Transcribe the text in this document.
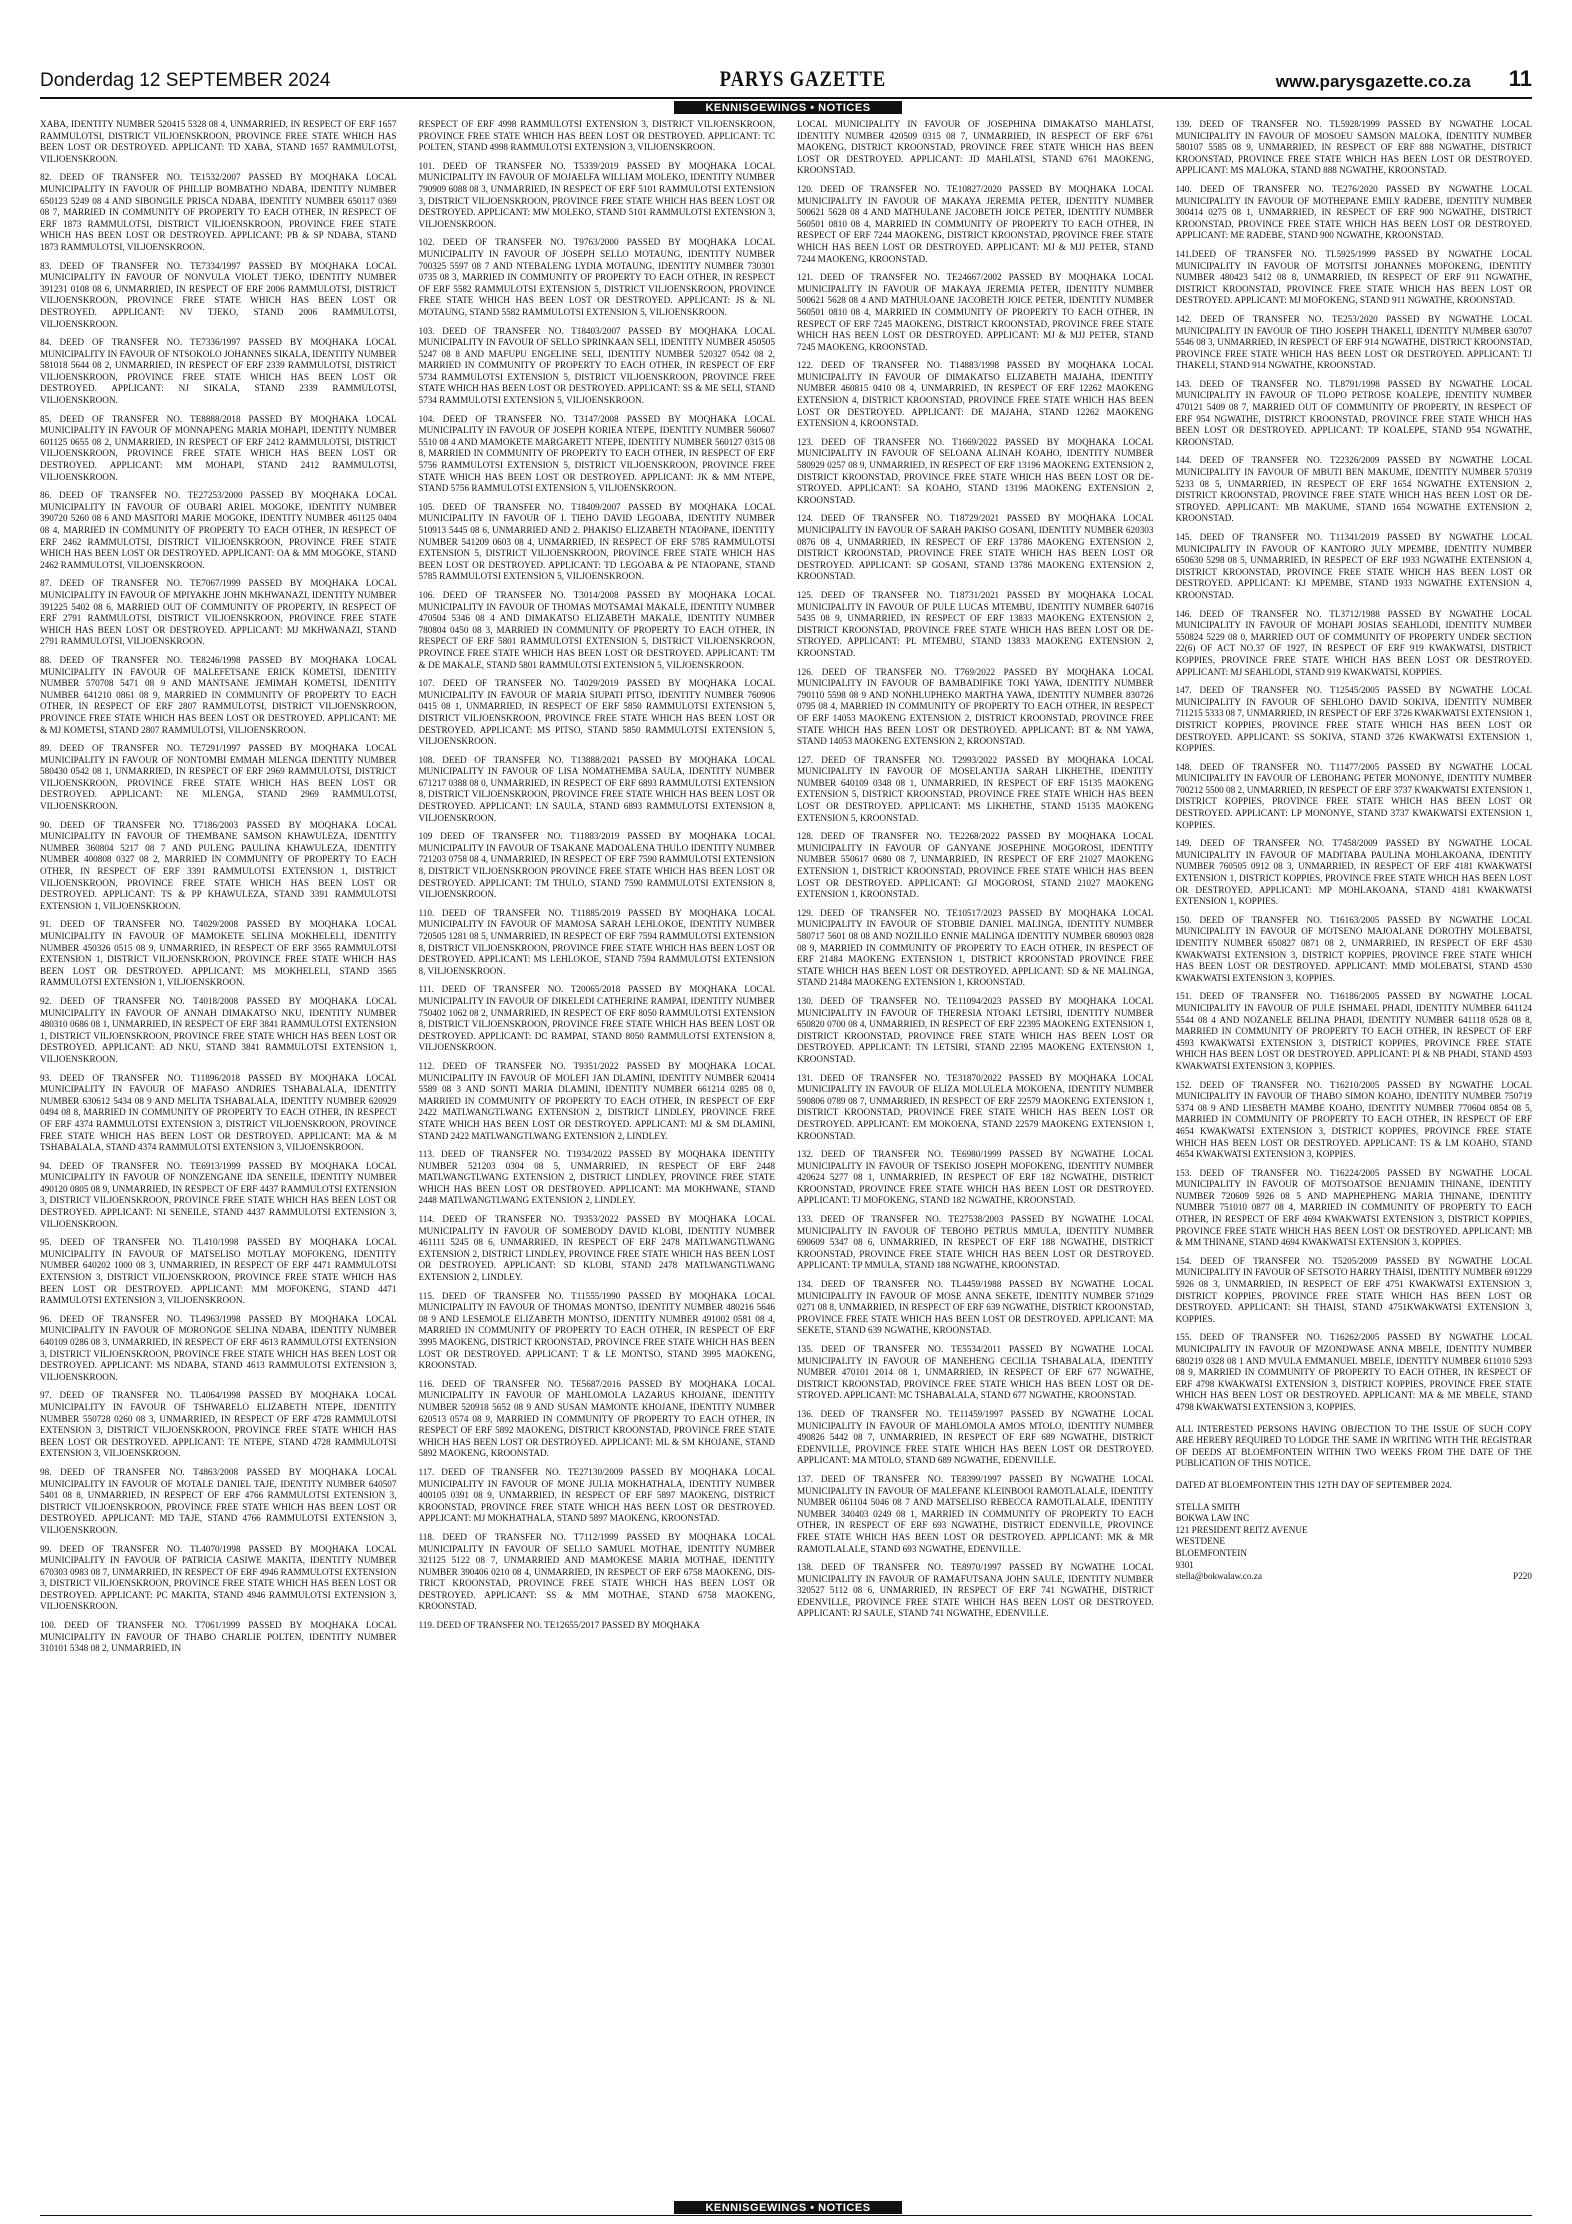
Donderdag 12 SEPTEMBER 2024	PARYS GAZETTE	www.parysgazette.co.za 11
KENNISGEWINGS • NOTICES

XABA, IDENTITY NUMBER 520415 5328 08 4, UNMARRIED, IN RESPECT OF ERF 1657 RAMMULOTSI, DISTRICT VILJOENSKROON, PROVINCE FREE STATE WHICH HAS BEEN LOST OR DESTROYED. APPLICANT: TD XABA, STAND 1657 RAMMULOTSI, VILJOENSKROON.

82. DEED OF TRANSFER NO. TE1532/2007 PASSED BY MOQHAKA LOCAL MUNICIPALITY IN FAVOUR OF PHILLIP BOMBATHO NDABA, IDENTITY NUMBER 650123 5249 08 4 AND SIBONGILE PRISCA NDABA, IDENTITY NUMBER 650117 0369 08 7, MARRIED IN COMMUNITY OF PROPERTY TO EACH OTHER, IN RESPECT OF ERF 1873 RAMMULOTSI, DISTRICT VILJOENSKROON, PROVINCE FREE STATE WHICH HAS BEEN LOST OR DESTROYED. APPLICANT: PB & SP NDABA, STAND 1873 RAMMULOTSI, VILJOENSKROON.

83. DEED OF TRANSFER NO. TE7334/1997 PASSED BY MOQHAKA LOCAL MUNICIPALITY IN FAVOUR OF NONVULA VIOLET TJEKO, IDENTITY NUMBER 391231 0108 08 6, UNMARRIED, IN RESPECT OF ERF 2006 RAMMULOTSI, DISTRICT VILJOENSKROON, PROVINCE FREE STATE WHICH HAS BEEN LOST OR DESTROYED. APPLICANT: NV TJEKO, STAND 2006 RAMMULOTSI, VILJOENSKROON.

84. DEED OF TRANSFER NO. TE7336/1997 PASSED BY MOQHAKA LOCAL MUNICIPALITY IN FAVOUR OF NTSOKOLO JOHANNES SIKALA, IDENTITY NUMBER 581018 5644 08 2, UNMARRIED, IN RESPECT OF ERF 2339 RAMMULOTSI, DISTRICT VILJOENSKROON, PROVINCE FREE STATE WHICH HAS BEEN LOST OR DESTROYED. APPLICANT: NJ SIKALA, STAND 2339 RAMMULOTSI, VILJOENSKROON.

85. DEED OF TRANSFER NO. TE8888/2018 PASSED BY MOQHAKA LOCAL MUNICIPALITY IN FAVOUR OF MONNAPENG MARIA MOHAPI, IDENTITY NUMBER 601125 0655 08 2, UNMARRIED, IN RESPECT OF ERF 2412 RAMMULOTSI, DISTRICT VILJOENSKROON, PROVINCE FREE STATE WHICH HAS BEEN LOST OR DESTROYED. APPLICANT: MM MOHAPI, STAND 2412 RAMMULOTSI, VILJOENSKROON.

86. DEED OF TRANSFER NO. TE27253/2000 PASSED BY MOQHAKA LOCAL MUNICIPALITY IN FAVOUR OF OUBARI ARIEL MOGOKE, IDENTITY NUMBER 390720 5260 08 6 AND MASITORI MARIE MOGOKE, IDENTITY NUMBER 461125 0404 08 4, MARRIED IN COMMUNITY OF PROPERTY TO EACH OTHER, IN RESPECT OF ERF 2462 RAMMULOTSI, DISTRICT VILJOENSKROON, PROVINCE FREE STATE WHICH HAS BEEN LOST OR DESTROYED. APPLICANT: OA & MM MOGOKE, STAND 2462 RAMMULOTSI, VILJOENSKROON.

87. DEED OF TRANSFER NO. TE7067/1999 PASSED BY MOQHAKA LOCAL MUNICIPALITY IN FAVOUR OF MPIYAKHE JOHN MKHWANAZI, IDENTITY NUMBER 391225 5402 08 6, MARRIED OUT OF COMMUNITY OF PROPERTY, IN RESPECT OF ERF 2791 RAMMULOTSI, DISTRICT VILJOENSKROON, PROVINCE FREE STATE WHICH HAS BEEN LOST OR DESTROYED. APPLICANT: MJ MKHWANAZI, STAND 2791 RAMMULOTSI, VILJOENSKROON.

88. DEED OF TRANSFER NO. TE8246/1998 PASSED BY MOQHAKA LOCAL MUNICIPALITY IN FAVOUR OF MALEFETSANE ERICK KOMETSI, IDENTITY NUMBER 570708 5471 08 9 AND MANTSANE JEMIMAH KOMETSI, IDENTITY NUMBER 641210 0861 08 9, MARRIED IN COMMUNITY OF PROPERTY TO EACH OTHER, IN RESPECT OF ERF 2807 RAMMULOTSI, DISTRICT VILJOENSKROON, PROVINCE FREE STATE WHICH HAS BEEN LOST OR DESTROYED. APPLICANT: ME & MJ KOMETSI, STAND 2807 RAMMULOTSI, VILJOENSKROON.

89. DEED OF TRANSFER NO. TE7291/1997 PASSED BY MOQHAKA LOCAL MUNICIPALITY IN FAVOUR OF NONTOMBI EMMAH MLENGA IDENTITY NUMBER 580430 0542 08 1, UNMARRIED, IN RESPECT OF ERF 2969 RAMMULOTSI, DISTRICT VILJOENSKROON, PROVINCE FREE STATE WHICH HAS BEEN LOST OR DESTROYED. APPLICANT: NE MLENGA, STAND 2969 RAMMULOTSI, VILJOENSKROON.

90. DEED OF TRANSFER NO. T7186/2003 PASSED BY MOQHAKA LOCAL MUNICIPALITY IN FAVOUR OF THEMBANE SAMSON KHAWULEZA, IDENTITY NUMBER 360804 5217 08 7 AND PULENG PAULINA KHAWULEZA, IDENTITY NUMBER 400808 0327 08 2, MARRIED IN COMMUNITY OF PROPERTY TO EACH OTHER, IN RESPECT OF ERF 3391 RAMMULOTSI EXTENSION 1, DISTRICT VILJOENSKROON, PROVINCE FREE STATE WHICH HAS BEEN LOST OR DESTROYED. APPLICANT: TS & PP KHAWULEZA, STAND 3391 RAMMULOTSI EXTENSION 1, VILJOENSKROON.

91. DEED OF TRANSFER NO. T4029/2008 PASSED BY MOQHAKA LOCAL MUNICIPALITY IN FAVOUR OF MAMOKETE SELINA MOKHELELI, IDENTITY NUMBER 450326 0515 08 9, UNMARRIED, IN RESPECT OF ERF 3565 RAMMULOTSI EXTENSION 1, DISTRICT VILJOENSKROON, PROVINCE FREE STATE WHICH HAS BEEN LOST OR DESTROYED. APPLICANT: MS MOKHELELI, STAND 3565 RAMMULOTSI EXTENSION 1, VILJOENSKROON.

92. DEED OF TRANSFER NO. T4018/2008 PASSED BY MOQHAKA LOCAL MUNICIPALITY IN FAVOUR OF ANNAH DIMAKATSO NKU, IDENTITY NUMBER 480310 0686 08 1, UNMARRIED, IN RESPECT OF ERF 3841 RAMMULOTSI EXTENSION 1, DISTRICT VILJOENSKROON, PROVINCE FREE STATE WHICH HAS BEEN LOST OR DESTROYED. APPLICANT: AD NKU, STAND 3841 RAMMULOTSI EXTENSION 1, VILJOENSKROON.

93. DEED OF TRANSFER NO. T11896/2018 PASSED BY MOQHAKA LOCAL MUNICIPALITY IN FAVOUR OF MAFASO ANDRIES TSHABALALA, IDENTITY NUMBER 630612 5434 08 9 AND MELITA TSHABALALA, IDENTITY NUMBER 620929 0494 08 8, MARRIED IN COMMUNITY OF PROPERTY TO EACH OTHER, IN RESPECT OF ERF 4374 RAMMULOTSI EXTENSION 3, DISTRICT VILJOENSKROON, PROVINCE FREE STATE WHICH HAS BEEN LOST OR DESTROYED. APPLICANT: MA & M TSHABALALA, STAND 4374 RAMMULOTSI EXTENSION 3, VILJOENSKROON.

94. DEED OF TRANSFER NO. TE6913/1999 PASSED BY MOQHAKA LOCAL MUNICIPALITY IN FAVOUR OF NONZENGANE IDA SENEILE, IDENTITY NUMBER 490120 0805 08 9, UNMARRIED, IN RESPECT OF ERF 4437 RAMMULOTSI EXTENSION 3, DISTRICT VILJOENSKROON, PROVINCE FREE STATE WHICH HAS BEEN LOST OR DESTROYED. APPLICANT: NI SENEILE, STAND 4437 RAMMULOTSI EXTENSION 3, VILJOENSKROON.

95. DEED OF TRANSFER NO. TL410/1998 PASSED BY MOQHAKA LOCAL MUNICIPALITY IN FAVOUR OF MATSELISO MOTLAY MOFOKENG, IDENTITY NUMBER 640202 1000 08 3, UNMARRIED, IN RESPECT OF ERF 4471 RAMMULOTSI EXTENSION 3, DISTRICT VILJOENSKROON, PROVINCE FREE STATE WHICH HAS BEEN LOST OR DESTROYED. APPLICANT: MM MOFOKENG, STAND 4471 RAMMULOTSI EXTENSION 3, VILJOENSKROON.

96. DEED OF TRANSFER NO. TL4963/1998 PASSED BY MOQHAKA LOCAL MUNICIPALITY IN FAVOUR OF MORONGOE SELINA NDABA, IDENTITY NUMBER 640109 0286 08 3, UNMARRIED, IN RESPECT OF ERF 4613 RAMMULOTSI EXTENSION 3, DISTRICT VILJOENSKROON, PROVINCE FREE STATE WHICH HAS BEEN LOST OR DESTROYED. APPLICANT: MS NDABA, STAND 4613 RAMMULOTSI EXTENSION 3, VILJOENSKROON.

97. DEED OF TRANSFER NO. TL4064/1998 PASSED BY MOQHAKA LOCAL MUNICIPALITY IN FAVOUR OF TSHWARELO ELIZABETH NTEPE, IDENTITY NUMBER 550728 0260 08 3, UNMARRIED, IN RESPECT OF ERF 4728 RAMMULOTSI EXTENSION 3, DISTRICT VILJOENSKROON, PROVINCE FREE STATE WHICH HAS BEEN LOST OR DESTROYED. APPLICANT: TE NTEPE, STAND 4728 RAMMULOTSI EXTENSION 3, VILJOENSKROON.

98. DEED OF TRANSFER NO. T4863/2008 PASSED BY MOQHAKA LOCAL MUNICIPALITY IN FAVOUR OF MOTALE DANIEL TAJE, IDENTITY NUMBER 640507 5401 08 8, UNMARRIED, IN RESPECT OF ERF 4766 RAMMULOTSI EXTENSION 3, DISTRICT VILJOENSKROON, PROVINCE FREE STATE WHICH HAS BEEN LOST OR DESTROYED. APPLICANT: MD TAJE, STAND 4766 RAMMULOTSI EXTENSION 3, VILJOENSKROON.

99. DEED OF TRANSFER NO. TL4070/1998 PASSED BY MOQHAKA LOCAL MUNICIPALITY IN FAVOUR OF PATRICIA CASIWE MAKITA, IDENTITY NUMBER 670303 0983 08 7, UNMARRIED, IN RESPECT OF ERF 4946 RAMMULOTSI EXTENSION 3, DISTRICT VILJOENSKROON, PROVINCE FREE STATE WHICH HAS BEEN LOST OR DESTROYED. APPLICANT: PC MAKITA, STAND 4946 RAMMULOTSI EXTENSION 3, VILJOENSKROON.

100. DEED OF TRANSFER NO. T7061/1999 PASSED BY MOQHAKA LOCAL MUNICIPALITY IN FAVOUR OF THABO CHARLIE POLTEN, IDENTITY NUMBER 310101 5348 08 2, UNMARRIED, IN

RESPECT OF ERF 4998 RAMMULOTSI EXTENSION 3, DISTRICT VILJOENSKROON, PROVINCE FREE STATE WHICH HAS BEEN LOST OR DESTROYED. APPLICANT: TC POLTEN, STAND 4998 RAMMULOTSI EXTENSION 3, VILJOENSKROON.

101. DEED OF TRANSFER NO. T5339/2019 PASSED BY MOQHAKA LOCAL MUNICIPALITY IN FAVOUR OF MOJAELFA WILLIAM MOLEKO, IDENTITY NUMBER 790909 6088 08 3, UNMARRIED, IN RESPECT OF ERF 5101 RAMMULOTSI EXTENSION 3, DISTRICT VILJOENSKROON, PROVINCE FREE STATE WHICH HAS BEEN LOST OR DESTROYED. APPLICANT: MW MOLEKO, STAND 5101 RAMMULOTSI EXTENSION 3, VILJOENSKROON.

102. DEED OF TRANSFER NO. T9763/2000 PASSED BY MOQHAKA LOCAL MUNICIPALITY IN FAVOUR OF JOSEPH SELLO MOTAUNG, IDENTITY NUMBER 700325 5597 08 7 AND NTEBALENG LYDIA MOTAUNG, IDENTITY NUMBER 730301 0735 08 3, MARRIED IN COMMUNITY OF PROPERTY TO EACH OTHER, IN RESPECT OF ERF 5582 RAMMULOTSI EXTENSION 5, DISTRICT VILJOENSKROON, PROVINCE FREE STATE WHICH HAS BEEN LOST OR DESTROYED. APPLICANT: JS & NL MOTAUNG, STAND 5582 RAMMULOTSI EXTENSION 5, VILJOENSKROON.

103. DEED OF TRANSFER NO. T18403/2007 PASSED BY MOQHAKA LOCAL MUNICIPALITY IN FAVOUR OF SELLO SPRINKAAN SELI, IDENTITY NUMBER 450505 5247 08 8 AND MAFUPU ENGELINE SELI, IDENTITY NUMBER 520327 0542 08 2, MARRIED IN COMMUNITY OF PROPERTY TO EACH OTHER, IN RESPECT OF ERF 5734 RAMMULOTSI EXTENSION 5, DISTRICT VILJOENSKROON, PROVINCE FREE STATE WHICH HAS BEEN LOST OR DESTROYED. APPLICANT: SS & ME SELI, STAND 5734 RAMMULOTSI EXTENSION 5, VILJOENSKROON.

104. DEED OF TRANSFER NO. T3147/2008 PASSED BY MOQHAKA LOCAL MUNICIPALITY IN FAVOUR OF JOSEPH KORIEA NTEPE, IDENTITY NUMBER 560607 5510 08 4 AND MAMOKETE MARGARETT NTEPE, IDENTITY NUMBER 560127 0315 08 8, MARRIED IN COMMUNITY OF PROPERTY TO EACH OTHER, IN RESPECT OF ERF 5756 RAMMULOTSI EXTENSION 5, DISTRICT VILJOENSKROON, PROVINCE FREE STATE WHICH HAS BEEN LOST OR DESTROYED. APPLICANT: JK & MM NTEPE, STAND 5756 RAMMULOTSI EXTENSION 5, VILJOENSKROON.

105. DEED OF TRANSFER NO. T18409/2007 PASSED BY MOQHAKA LOCAL MUNICIPALITY IN FAVOUR OF I. TIEHO DAVID LEGOABA, IDENTITY NUMBER 510913 5445 08 6, UNMARRIED AND 2. PHAKISO ELIZABETH NTAOPANE, IDENTITY NUMBER 541209 0603 08 4, UNMARRIED, IN RESPECT OF ERF 5785 RAMMULOTSI EXTENSION 5, DISTRICT VILJOENSKROON, PROVINCE FREE STATE WHICH HAS BEEN LOST OR DESTROYED. APPLICANT: TD LEGOABA & PE NTAOPANE, STAND 5785 RAMMULOTSI EXTENSION 5, VILJOENSKROON.

106. DEED OF TRANSFER NO. T3014/2008 PASSED BY MOQHAKA LOCAL MUNICIPALITY IN FAVOUR OF THOMAS MOTSAMAI MAKALE, IDENTITY NUMBER 470504 5346 08 4 AND DIMAKATSO ELIZABETH MAKALE, IDENTITY NUMBER 780804 0450 08 3, MARRIED IN COMMUNITY OF PROPERTY TO EACH OTHER, IN RESPECT OF ERF 5801 RAMMULOTSI EXTENSION 5, DISTRICT VILJOENSKROON, PROVINCE FREE STATE WHICH HAS BEEN LOST OR DESTROYED. APPLICANT: TM & DE MAKALE, STAND 5801 RAMMULOTSI EXTENSION 5, VILJOENSKROON.

107. DEED OF TRANSFER NO. T4029/2019 PASSED BY MOQHAKA LOCAL MUNICIPALITY IN FAVOUR OF MARIA SIUPATI PITSO, IDENTITY NUMBER 760906 0415 08 1, UNMARRIED, IN RESPECT OF ERF 5850 RAMMULOTSI EXTENSION 5, DISTRICT VILJOENSKROON, PROVINCE FREE STATE WHICH HAS BEEN LOST OR DESTROYED. APPLICANT: MS PITSO, STAND 5850 RAMMULOTSI EXTENSION 5, VILJOENSKROON.

108. DEED OF TRANSFER NO. T13888/2021 PASSED BY MOQHAKA LOCAL MUNICIPALITY IN FAVOUR OF LISA NOMATHEMBA SAULA, IDENTITY NUMBER 671217 0388 08 0, UNMARRIED, IN RESPECT OF ERF 6893 RAMMULOTSI EXTENSION 8, DISTRICT VILJOENSKROON, PROVINCE FREE STATE WHICH HAS BEEN LOST OR DESTROYED. APPLICANT: LN SAULA, STAND 6893 RAMMULOTSI EXTENSION 8, VILJOENSKROON.

109 DEED OF TRANSFER NO. T11883/2019 PASSED BY MOQHAKA LOCAL MUNICIPALITY IN FAVOUR OF TSAKANE MADOALENA THULO IDENTITY NUMBER 721203 0758 08 4, UNMARRIED, IN RESPECT OF ERF 7590 RAMMULOTSI EXTENSION 8, DISTRICT VILJOENSKROON PROVINCE FREE STATE WHICH HAS BEEN LOST OR DESTROYED. APPLICANT: TM THULO, STAND 7590 RAMMULOTSI EXTENSION 8, VILJOENSKROON.

110. DEED OF TRANSFER NO. T11885/2019 PASSED BY MOQHAKA LOCAL MUNICIPALITY IN FAVOUR OF MAMOSA SARAH LEHLOKOE, IDENTITY NUMBER 720505 1281 08 5, UNMARRIED, IN RESPECT OF ERF 7594 RAMMULOTSI EXTENSION 8, DISTRICT VILJOENSKROON, PROVINCE FREE STATE WHICH HAS BEEN LOST OR DESTROYED. APPLICANT: MS LEHLOKOE, STAND 7594 RAMMULOTSI EXTENSION 8, VILJOENSKROON.

111. DEED OF TRANSFER NO. T20065/2018 PASSED BY MOQHAKA LOCAL MUNICIPALITY IN FAVOUR OF DIKELEDI CATHERINE RAMPAI, IDENTITY NUMBER 750402 1062 08 2, UNMARRIED, IN RESPECT OF ERF 8050 RAMMULOTSI EXTENSION 8, DISTRICT VILJOENSKROON, PROVINCE FREE STATE WHICH HAS BEEN LOST OR DESTROYED. APPLICANT: DC RAMPAI, STAND 8050 RAMMULOTSI EXTENSION 8, VILJOENSKROON.

112. DEED OF TRANSFER NO. T9351/2022 PASSED BY MOQHAKA LOCAL MUNICIPALITY IN FAVOUR OF MOLEFI JAN DLAMINI, IDENTITY NUMBER 620414 5589 08 3 AND SONTI MARIA DLAMINI, IDENTITY NUMBER 661214 0285 08 0, MARRIED IN COMMUNITY OF PROPERTY TO EACH OTHER, IN RESPECT OF ERF 2422 MATLWANGTLWANG EXTENSION 2, DISTRICT LINDLEY, PROVINCE FREE STATE WHICH HAS BEEN LOST OR DESTROYED. APPLICANT: MJ & SM DLAMINI, STAND 2422 MATLWANGTLWANG EXTENSION 2, LINDLEY.

113. DEED OF TRANSFER NO. T1934/2022 PASSED BY MOQHAKA IDENTITY NUMBER 521203 0304 08 5, UNMARRIED, IN RESPECT OF ERF 2448 MATLWANGTLWANG EXTENSION 2, DISTRICT LINDLEY, PROVINCE FREE STATE WHICH HAS BEEN LOST OR DESTROYED. APPLICANT: MA MOKHWANE, STAND 2448 MATLWANGTLWANG EXTENSION 2, LINDLEY.

114. DEED OF TRANSFER NO. T9353/2022 PASSED BY MOQHAKA LOCAL MUNICIPALITY IN FAVOUR OF SOMEBODY DAVID KLOBI, IDENTITY NUMBER 461111 5245 08 6, UNMARRIED, IN RESPECT OF ERF 2478 MATLWANGTLWANG EXTENSION 2, DISTRICT LINDLEY, PROVINCE FREE STATE WHICH HAS BEEN LOST OR DESTROYED. APPLICANT: SD KLOBI, STAND 2478 MATLWANGTLWANG EXTENSION 2, LINDLEY.

115. DEED OF TRANSFER NO. T11555/1990 PASSED BY MOQHAKA LOCAL MUNICIPALITY IN FAVOUR OF THOMAS MONTSO, IDENTITY NUMBER 480216 5646 08 9 AND LESEMOLE ELIZABETH MONTSO, IDENTITY NUMBER 491002 0581 08 4, MARRIED IN COMMUNITY OF PROPERTY TO EACH OTHER, IN RESPECT OF ERF 3995 MAOKENG, DISTRICT KROONSTAD, PROVINCE FREE STATE WHICH HAS BEEN LOST OR DESTROYED. APPLICANT: T & LE MONTSO, STAND 3995 MAOKENG, KROONSTAD.

116. DEED OF TRANSFER NO. TE5687/2016 PASSED BY MOQHAKA LOCAL MUNICIPALITY IN FAVOUR OF MAHLOMOLA LAZARUS KHOJANE, IDENTITY NUMBER 520918 5652 08 9 AND SUSAN MAMONTE KHOJANE, IDENTITY NUMBER 620513 0574 08 9, MARRIED IN COMMUNITY OF PROPERTY TO EACH OTHER, IN RESPECT OF ERF 5892 MAOKENG, DISTRICT KROONSTAD, PROVINCE FREE STATE WHICH HAS BEEN LOST OR DESTROYED. APPLICANT: ML & SM KHOJANE, STAND 5892 MAOKENG, KROONSTAD.

117. DEED OF TRANSFER NO. TE27130/2009 PASSED BY MOQHAKA LOCAL MUNICIPALITY IN FAVOUR OF MONE JULIA MOKHATHALA, IDENTITY NUMBER 400105 0391 08 9, UNMARRIED, IN RESPECT OF ERF 5897 MAOKENG, DISTRICT KROONSTAD, PROVINCE FREE STATE WHICH HAS BEEN LOST OR DESTROYED. APPLICANT: MJ MOKHATHALA, STAND 5897 MAOKENG, KROONSTAD.

118. DEED OF TRANSFER NO. T7112/1999 PASSED BY MOQHAKA LOCAL MUNICIPALITY IN FAVOUR OF SELLO SAMUEL MOTHAE, IDENTITY NUMBER 321125 5122 08 7, UNMARRIED AND MAMOKESE MARIA MOTHAE, IDENTITY NUMBER 390406 0210 08 4, UNMARRIED, IN RESPECT OF ERF 6758 MAOKENG, DISTRICT KROONSTAD, PROVINCE FREE STATE WHICH HAS BEEN LOST OR DESTROYED. APPLICANT: SS & MM MOTHAE, STAND 6758 MAOKENG, KROONSTAD.

119. DEED OF TRANSFER NO. TE12655/2017 PASSED BY MOQHAKA

LOCAL MUNICIPALITY IN FAVOUR OF JOSEPHINA DIMAKATSO MAHLATSI, IDENTITY NUMBER 420509 0315 08 7, UNMARRIED, IN RESPECT OF ERF 6761 MAOKENG, DISTRICT KROONSTAD, PROVINCE FREE STATE WHICH HAS BEEN LOST OR DESTROYED. APPLICANT: JD MAHLATSI, STAND 6761 MAOKENG, KROONSTAD.

120. DEED OF TRANSFER NO. TE10827/2020 PASSED BY MOQHAKA LOCAL MUNICIPALITY IN FAVOUR OF MAKAYA JEREMIA PETER, IDENTITY NUMBER 500621 5628 08 4 AND MATHULANE JACOBETH JOICE PETER, IDENTITY NUMBER 560501 0810 08 4, MARRIED IN COMMUNITY OF PROPERTY TO EACH OTHER, IN RESPECT OF ERF 7244 MAOKENG, DISTRICT KROONSTAD, PROVINCE FREE STATE WHICH HAS BEEN LOST OR DESTROYED. APPLICANT: MJ & MJJ PETER, STAND 7244 MAOKENG, KROONSTAD.

121. DEED OF TRANSFER NO. TE24667/2002 PASSED BY MOQHAKA LOCAL MUNICIPALITY IN FAVOUR OF MAKAYA JEREMIA PETER, IDENTITY NUMBER 500621 5628 08 4 AND MATHULOANE JACOBETH JOICE PETER, IDENTITY NUMBER 560501 0810 08 4, MARRIED IN COMMUNITY OF PROPERTY TO EACH OTHER, IN RESPECT OF ERF 7245 MAOKENG, DISTRICT KROONSTAD, PROVINCE FREE STATE WHICH HAS BEEN LOST OR DESTROYED. APPLICANT: MJ & MJJ PETER, STAND 7245 MAOKENG, KROONSTAD.

122. DEED OF TRANSFER NO. T14883/1998 PASSED BY MOQHAKA LOCAL MUNICIPALITY IN FAVOUR OF DIMAKATSO ELIZABETH MAJAHA, IDENTITY NUMBER 460815 0410 08 4, UNMARRIED, IN RESPECT OF ERF 12262 MAOKENG EXTENSION 4, DISTRICT KROONSTAD, PROVINCE FREE STATE WHICH HAS BEEN LOST OR DESTROYED. APPLICANT: DE MAJAHA, STAND 12262 MAOKENG EXTENSION 4, KROONSTAD.

123. DEED OF TRANSFER NO. T1669/2022 PASSED BY MOQHAKA LOCAL MUNICIPALITY IN FAVOUR OF SELOANA ALINAH KOAHO, IDENTITY NUMBER 580929 0257 08 9, UNMARRIED, IN RESPECT OF ERF 13196 MAOKENG EXTENSION 2, DISTRICT KROONSTAD, PROVINCE FREE STATE WHICH HAS BEEN LOST OR DESTROYED. APPLICANT: SA KOAHO, STAND 13196 MAOKENG EXTENSION 2, KROONSTAD.

124. DEED OF TRANSFER NO. T18729/2021 PASSED BY MOQHAKA LOCAL MUNICIPALITY IN FAVOUR OF SARAH PAKISO GOSANI, IDENTITY NUMBER 620303 0876 08 4, UNMARRIED, IN RESPECT OF ERF 13786 MAOKENG EXTENSION 2, DISTRICT KROONSTAD, PROVINCE FREE STATE WHICH HAS BEEN LOST OR DESTROYED. APPLICANT: SP GOSANI, STAND 13786 MAOKENG EXTENSION 2, KROONSTAD.

125. DEED OF TRANSFER NO. T18731/2021 PASSED BY MOQHAKA LOCAL MUNICIPALITY IN FAVOUR OF PULE LUCAS MTEMBU, IDENTITY NUMBER 640716 5435 08 9, UNMARRIED, IN RESPECT OF ERF 13833 MAOKENG EXTENSION 2, DISTRICT KROONSTAD, PROVINCE FREE STATE WHICH HAS BEEN LOST OR DESTROYED. APPLICANT: PL MTEMBU, STAND 13833 MAOKENG EXTENSION 2, KROONSTAD.

126. DEED OF TRANSFER NO. T769/2022 PASSED BY MOQHAKA LOCAL MUNICIPALITY IN FAVOUR OF BAMBADIFIKE TOKI YAWA, IDENTITY NUMBER 790110 5598 08 9 AND NONHLUPHEKO MARTHA YAWA, IDENTITY NUMBER 830726 0795 08 4, MARRIED IN COMMUNITY OF PROPERTY TO EACH OTHER, IN RESPECT OF ERF 14053 MAOKENG EXTENSION 2, DISTRICT KROONSTAD, PROVINCE FREE STATE WHICH HAS BEEN LOST OR DESTROYED. APPLICANT: BT & NM YAWA, STAND 14053 MAOKENG EXTENSION 2, KROONSTAD.

127. DEED OF TRANSFER NO. T2993/2022 PASSED BY MOQHAKA LOCAL MUNICIPALITY IN FAVOUR OF MOSELANTJA SARAH LIKHETHE, IDENTITY NUMBER 640109 0348 08 1, UNMARRIED, IN RESPECT OF ERF 15135 MAOKENG EXTENSION 5, DISTRICT KROONSTAD, PROVINCE FREE STATE WHICH HAS BEEN LOST OR DESTROYED. APPLICANT: MS LIKHETHE, STAND 15135 MAOKENG EXTENSION 5, KROONSTAD.

128. DEED OF TRANSFER NO. TE2268/2022 PASSED BY MOQHAKA LOCAL MUNICIPALITY IN FAVOUR OF GANYANE JOSEPHINE MOGOROSI, IDENTITY NUMBER 550617 0680 08 7, UNMARRIED, IN RESPECT OF ERF 21027 MAOKENG EXTENSION 1, DISTRICT KROONSTAD, PROVINCE FREE STATE WHICH HAS BEEN LOST OR DESTROYED. APPLICANT: GJ MOGOROSI, STAND 21027 MAOKENG EXTENSION 1, KROONSTAD.

129. DEED OF TRANSFER NO. TE10517/2023 PASSED BY MOQHAKA LOCAL MUNICIPALITY IN FAVOUR OF STOBBIE DANIEL MALINGA, IDENTITY NUMBER 580717 5601 08 08 AND NOZILILO ENNIE MALINGA IDENTITY NUMBER 680903 0828 08 9, MARRIED IN COMMUNITY OF PROPERTY TO EACH OTHER, IN RESPECT OF ERF 21484 MAOKENG EXTENSION 1, DISTRICT KROONSTAD PROVINCE FREE STATE WHICH HAS BEEN LOST OR DESTROYED. APPLICANT: SD & NE MALINGA, STAND 21484 MAOKENG EXTENSION 1, KROONSTAD.

130. DEED OF TRANSFER NO. TE11094/2023 PASSED BY MOQHAKA LOCAL MUNICIPALITY IN FAVOUR OF THERESIA NTOAKI LETSIRI, IDENTITY NUMBER 650820 0700 08 4, UNMARRIED, IN RESPECT OF ERF 22395 MAOKENG EXTENSION 1, DISTRICT KROONSTAD, PROVINCE FREE STATE WHICH HAS BEEN LOST OR DESTROYED. APPLICANT: TN LETSIRI, STAND 22395 MAOKENG EXTENSION 1, KROONSTAD.

131. DEED OF TRANSFER NO. TE31870/2022 PASSED BY MOQHAKA LOCAL MUNICIPALITY IN FAVOUR OF ELIZA MOLULELA MOKOENA, IDENTITY NUMBER 590806 0789 08 7, UNMARRIED, IN RESPECT OF ERF 22579 MAOKENG EXTENSION 1, DISTRICT KROONSTAD, PROVINCE FREE STATE WHICH HAS BEEN LOST OR DESTROYED. APPLICANT: EM MOKOENA, STAND 22579 MAOKENG EXTENSION 1, KROONSTAD.

132. DEED OF TRANSFER NO. TE6980/1999 PASSED BY NGWATHE LOCAL MUNICIPALITY IN FAVOUR OF TSEKISO JOSEPH MOFOKENG, IDENTITY NUMBER 420624 5277 08 1, UNMARRIED, IN RESPECT OF ERF 182 NGWATHE, DISTRICT KROONSTAD, PROVINCE FREE STATE WHICH HAS BEEN LOST OR DESTROYED. APPLICANT: TJ MOFOKENG, STAND 182 NGWATHE, KROONSTAD.

133. DEED OF TRANSFER NO. TE27538/2003 PASSED BY NGWATHE LOCAL MUNICIPALITY IN FAVOUR OF TEBOHO PETRUS MMULA, IDENTITY NUMBER 690609 5347 08 6, UNMARRIED, IN RESPECT OF ERF 188 NGWATHE, DISTRICT KROONSTAD, PROVINCE FREE STATE WHICH HAS BEEN LOST OR DESTROYED. APPLICANT: TP MMULA, STAND 188 NGWATHE, KROONSTAD.

134. DEED OF TRANSFER NO. TL4459/1988 PASSED BY NGWATHE LOCAL MUNICIPALITY IN FAVOUR OF MOSE ANNA SEKETE, IDENTITY NUMBER 571029 0271 08 8, UNMARRIED, IN RESPECT OF ERF 639 NGWATHE, DISTRICT KROONSTAD, PROVINCE FREE STATE WHICH HAS BEEN LOST OR DESTROYED. APPLICANT: MA SEKETE, STAND 639 NGWATHE, KROONSTAD.

135. DEED OF TRANSFER NO. TE5534/2011 PASSED BY NGWATHE LOCAL MUNICIPALITY IN FAVOUR OF MANEHENG CECILIA TSHABALALA, IDENTITY NUMBER 470101 2014 08 1, UNMARRIED, IN RESPECT OF ERF 677 NGWATHE, DISTRICT KROONSTAD, PROVINCE FREE STATE WHICH HAS BEEN LOST OR DESTROYED. APPLICANT: MC TSHABALALA, STAND 677 NGWATHE, KROONSTAD.

136. DEED OF TRANSFER NO. TE11459/1997 PASSED BY NGWATHE LOCAL MUNICIPALITY IN FAVOUR OF MAHLOMOLA AMOS MTOLO, IDENTITY NUMBER 490826 5442 08 7, UNMARRIED, IN RESPECT OF ERF 689 NGWATHE, DISTRICT EDENVILLE, PROVINCE FREE STATE WHICH HAS BEEN LOST OR DESTROYED. APPLICANT: MA MTOLO, STAND 689 NGWATHE, EDENVILLE.

137. DEED OF TRANSFER NO. TE8399/1997 PASSED BY NGWATHE LOCAL MUNICIPALITY IN FAVOUR OF MALEFANE KLEINBOOI RAMOTLALALE, IDENTITY NUMBER 061104 5046 08 7 AND MATSELISO REBECCA RAMOTLALALE, IDENTITY NUMBER 340403 0249 08 1, MARRIED IN COMMUNITY OF PROPERTY TO EACH OTHER, IN RESPECT OF ERF 693 NGWATHE, DISTRICT EDENVILLE, PROVINCE FREE STATE WHICH HAS BEEN LOST OR DESTROYED. APPLICANT: MK & MR RAMOTLALALE, STAND 693 NGWATHE, EDENVILLE.

138. DEED OF TRANSFER NO. TE8970/1997 PASSED BY NGWATHE LOCAL MUNICIPALITY IN FAVOUR OF RAMAFUTSANA JOHN SAULE, IDENTITY NUMBER 320527 5112 08 6, UNMARRIED, IN RESPECT OF ERF 741 NGWATHE, DISTRICT EDENVILLE, PROVINCE FREE STATE WHICH HAS BEEN LOST OR DESTROYED. APPLICANT: RJ SAULE, STAND 741 NGWATHE, EDENVILLE.

139. DEED OF TRANSFER NO. TL5928/1999 PASSED BY NGWATHE LOCAL MUNICIPALITY IN FAVOUR OF MOSOEU SAMSON MALOKA, IDENTITY NUMBER 580107 5585 08 9, UNMARRIED, IN RESPECT OF ERF 888 NGWATHE, DISTRICT KROONSTAD, PROVINCE FREE STATE WHICH HAS BEEN LOST OR DESTROYED. APPLICANT: MS MALOKA, STAND 888 NGWATHE, KROONSTAD.

140. DEED OF TRANSFER NO. TE276/2020 PASSED BY NGWATHE LOCAL MUNICIPALITY IN FAVOUR OF MOTHEPANE EMILY RADEBE, IDENTITY NUMBER 300414 0275 08 1, UNMARRIED, IN RESPECT OF ERF 900 NGWATHE, DISTRICT KROONSTAD, PROVINCE FREE STATE WHICH HAS BEEN LOST OR DESTROYED. APPLICANT: ME RADEBE, STAND 900 NGWATHE, KROONSTAD.

141.DEED OF TRANSFER NO. TL5925/1999 PASSED BY NGWATHE LOCAL MUNICIPALITY IN FAVOUR OF MOTSITSI JOHANNES MOFOKENG, IDENTITY NUMBER 480423 5412 08 8, UNMARRIED, IN RESPECT OF ERF 911 NGWATHE, DISTRICT KROONSTAD, PROVINCE FREE STATE WHICH HAS BEEN LOST OR DESTROYED. APPLICANT: MJ MOFOKENG, STAND 911 NGWATHE, KROONSTAD.

142. DEED OF TRANSFER NO. TE253/2020 PASSED BY NGWATHE LOCAL MUNICIPALITY IN FAVOUR OF TIHO JOSEPH THAKELI, IDENTITY NUMBER 630707 5546 08 3, UNMARRIED, IN RESPECT OF ERF 914 NGWATHE, DISTRICT KROONSTAD, PROVINCE FREE STATE WHICH HAS BEEN LOST OR DESTROYED. APPLICANT: TJ THAKELI, STAND 914 NGWATHE, KROONSTAD.

143. DEED OF TRANSFER NO. TL8791/1998 PASSED BY NGWATHE LOCAL MUNICIPALITY IN FAVOUR OF TLOPO PETROSE KOALEPE, IDENTITY NUMBER 470121 5409 08 7, MARRIED OUT OF COMMUNITY OF PROPERTY, IN RESPECT OF ERF 954 NGWATHE, DISTRICT KROONSTAD, PROVINCE FREE STATE WHICH HAS BEEN LOST OR DESTROYED. APPLICANT: TP KOALEPE, STAND 954 NGWATHE, KROONSTAD.

144. DEED OF TRANSFER NO. T22326/2009 PASSED BY NGWATHE LOCAL MUNICIPALITY IN FAVOUR OF MBUTI BEN MAKUME, IDENTITY NUMBER 570319 5233 08 5, UNMARRIED, IN RESPECT OF ERF 1654 NGWATHE EXTENSION 2, DISTRICT KROONSTAD, PROVINCE FREE STATE WHICH HAS BEEN LOST OR DESTROYED. APPLICANT: MB MAKUME, STAND 1654 NGWATHE EXTENSION 2, KROONSTAD.

145. DEED OF TRANSFER NO. T11341/2019 PASSED BY NGWATHE LOCAL MUNICIPALITY IN FAVOUR OF KANTORO JULY MPEMBE, IDENTITY NUMBER 650630 5298 08 5, UNMARRIED, IN RESPECT OF ERF 1933 NGWATHE EXTENSION 4, DISTRICT KROONSTAD, PROVINCE FREE STATE WHICH HAS BEEN LOST OR DESTROYED. APPLICANT: KJ MPEMBE, STAND 1933 NGWATHE EXTENSION 4, KROONSTAD.

146. DEED OF TRANSFER NO. TL3712/1988 PASSED BY NGWATHE LOCAL MUNICIPALITY IN FAVOUR OF MOHAPI JOSIAS SEAHLODI, IDENTITY NUMBER 550824 5229 08 0, MARRIED OUT OF COMMUNITY OF PROPERTY UNDER SECTION 22(6) OF ACT NO.37 OF 1927, IN RESPECT OF ERF 919 KWAKWATSI, DISTRICT KOPPIES, PROVINCE FREE STATE WHICH HAS BEEN LOST OR DESTROYED. APPLICANT: MJ SEAHLODI, STAND 919 KWAKWATSI, KOPPIES.

147. DEED OF TRANSFER NO. T12545/2005 PASSED BY NGWATHE LOCAL MUNICIPALITY IN FAVOUR OF SEHLOHO DAVID SOKIVA, IDENTITY NUMBER 711215 5333 08 7, UNMARRIED, IN RESPECT OF ERF 3726 KWAKWATSI EXTENSION 1, DISTRICT KOPPIES, PROVINCE FREE STATE WHICH HAS BEEN LOST OR DESTROYED. APPLICANT: SS SOKIVA, STAND 3726 KWAKWATSI EXTENSION 1, KOPPIES.

148. DEED OF TRANSFER NO. T11477/2005 PASSED BY NGWATHE LOCAL MUNICIPALITY IN FAVOUR OF LEBOHANG PETER MONONYE, IDENTITY NUMBER 700212 5500 08 2, UNMARRIED, IN RESPECT OF ERF 3737 KWAKWATSI EXTENSION 1, DISTRICT KOPPIES, PROVINCE FREE STATE WHICH HAS BEEN LOST OR DESTROYED. APPLICANT: LP MONONYE, STAND 3737 KWAKWATSI EXTENSION 1, KOPPIES.

149. DEED OF TRANSFER NO. T7458/2009 PASSED BY NGWATHE LOCAL MUNICIPALITY IN FAVOUR OF MADITABA PAULINA MOHLAKOANA, IDENTITY NUMBER 760505 0912 08 3, UNMARRIED, IN RESPECT OF ERF 4181 KWAKWATSI EXTENSION 1, DISTRICT KOPPIES, PROVINCE FREE STATE WHICH HAS BEEN LOST OR DESTROYED. APPLICANT: MP MOHLAKOANA, STAND 4181 KWAKWATSI EXTENSION 1, KOPPIES.

150. DEED OF TRANSFER NO. T16163/2005 PASSED BY NGWATHE LOCAL MUNICIPALITY IN FAVOUR OF MOTSENO MAJOALANE DOROTHY MOLEBATSI, IDENTITY NUMBER 650827 0871 08 2, UNMARRIED, IN RESPECT OF ERF 4530 KWAKWATSI EXTENSION 3, DISTRICT KOPPIES, PROVINCE FREE STATE WHICH HAS BEEN LOST OR DESTROYED. APPLICANT: MMD MOLEBATSI, STAND 4530 KWAKWATSI EXTENSION 3, KOPPIES.

151. DEED OF TRANSFER NO. T16186/2005 PASSED BY NGWATHE LOCAL MUNICIPALITY IN FAVOUR OF PULE ISHMAEL PHADI, IDENTITY NUMBER 641124 5544 08 4 AND NOZANELE BELINA PHADI, IDENTITY NUMBER 641118 0528 08 8, MARRIED IN COMMUNITY OF PROPERTY TO EACH OTHER, IN RESPECT OF ERF 4593 KWAKWATSI EXTENSION 3, DISTRICT KOPPIES, PROVINCE FREE STATE WHICH HAS BEEN LOST OR DESTROYED. APPLICANT: PI & NB PHADI, STAND 4593 KWAKWATSI EXTENSION 3, KOPPIES.

152. DEED OF TRANSFER NO. T16210/2005 PASSED BY NGWATHE LOCAL MUNICIPALITY IN FAVOUR OF THABO SIMON KOAHO, IDENTITY NUMBER 750719 5374 08 9 AND LIESBETH MAMBE KOAHO, IDENTITY NUMBER 770604 0854 08 5, MARRIED IN COMMUNITY OF PROPERTY TO EACH OTHER, IN RESPECT OF ERF 4654 KWAKWATSI EXTENSION 3, DISTRICT KOPPIES, PROVINCE FREE STATE WHICH HAS BEEN LOST OR DESTROYED. APPLICANT: TS & LM KOAHO, STAND 4654 KWAKWATSI EXTENSION 3, KOPPIES.

153. DEED OF TRANSFER NO. T16224/2005 PASSED BY NGWATHE LOCAL MUNICIPALITY IN FAVOUR OF MOTSOATSOE BENJAMIN THINANE, IDENTITY NUMBER 720609 5926 08 5 AND MAPHEPHENG MARIA THINANE, IDENTITY NUMBER 751010 0877 08 4, MARRIED IN COMMUNITY OF PROPERTY TO EACH OTHER, IN RESPECT OF ERF 4694 KWAKWATSI EXTENSION 3, DISTRICT KOPPIES, PROVINCE FREE STATE WHICH HAS BEEN LOST OR DESTROYED. APPLICANT: MB & MM THINANE, STAND 4694 KWAKWATSI EXTENSION 3, KOPPIES.

154. DEED OF TRANSFER NO. T5205/2009 PASSED BY NGWATHE LOCAL MUNICIPALITY IN FAVOUR OF SETSOTO HARRY THAISI, IDENTITY NUMBER 691229 5926 08 3, UNMARRIED, IN RESPECT OF ERF 4751 KWAKWATSI EXTENSION 3, DISTRICT KOPPIES, PROVINCE FREE STATE WHICH HAS BEEN LOST OR DESTROYED. APPLICANT: SH THAISI, STAND 4751KWAKWATSI EXTENSION 3, KOPPIES.

155. DEED OF TRANSFER NO. T16262/2005 PASSED BY NGWATHE LOCAL MUNICIPALITY IN FAVOUR OF MZONDWASE ANNA MBELE, IDENTITY NUMBER 680219 0328 08 1 AND MVULA EMMANUEL MBELE, IDENTITY NUMBER 611010 5293 08 9, MARRIED IN COMMUNITY OF PROPERTY TO EACH OTHER, IN RESPECT OF ERF 4798 KWAKWATSI EXTENSION 3, DISTRICT KOPPIES, PROVINCE FREE STATE WHICH HAS BEEN LOST OR DESTROYED. APPLICANT: MA & ME MBELE, STAND 4798 KWAKWATSI EXTENSION 3, KOPPIES.

ALL INTERESTED PERSONS HAVING OBJECTION TO THE ISSUE OF SUCH COPY ARE HEREBY REQUIRED TO LODGE THE SAME IN WRITING WITH THE REGISTRAR OF DEEDS AT BLOEMFONTEIN WITHIN TWO WEEKS FROM THE DATE OF THE PUBLICATION OF THIS NOTICE.

DATED AT BLOEMFONTEIN THIS 12TH DAY OF SEPTEMBER 2024.

STELLA SMITH
BOKWA LAW INC
121 PRESIDENT REITZ AVENUE
WESTDENE
BLOEMFONTEIN
9301
stella@bokwalaw.co.za	P220
KENNISGEWINGS • NOTICES
